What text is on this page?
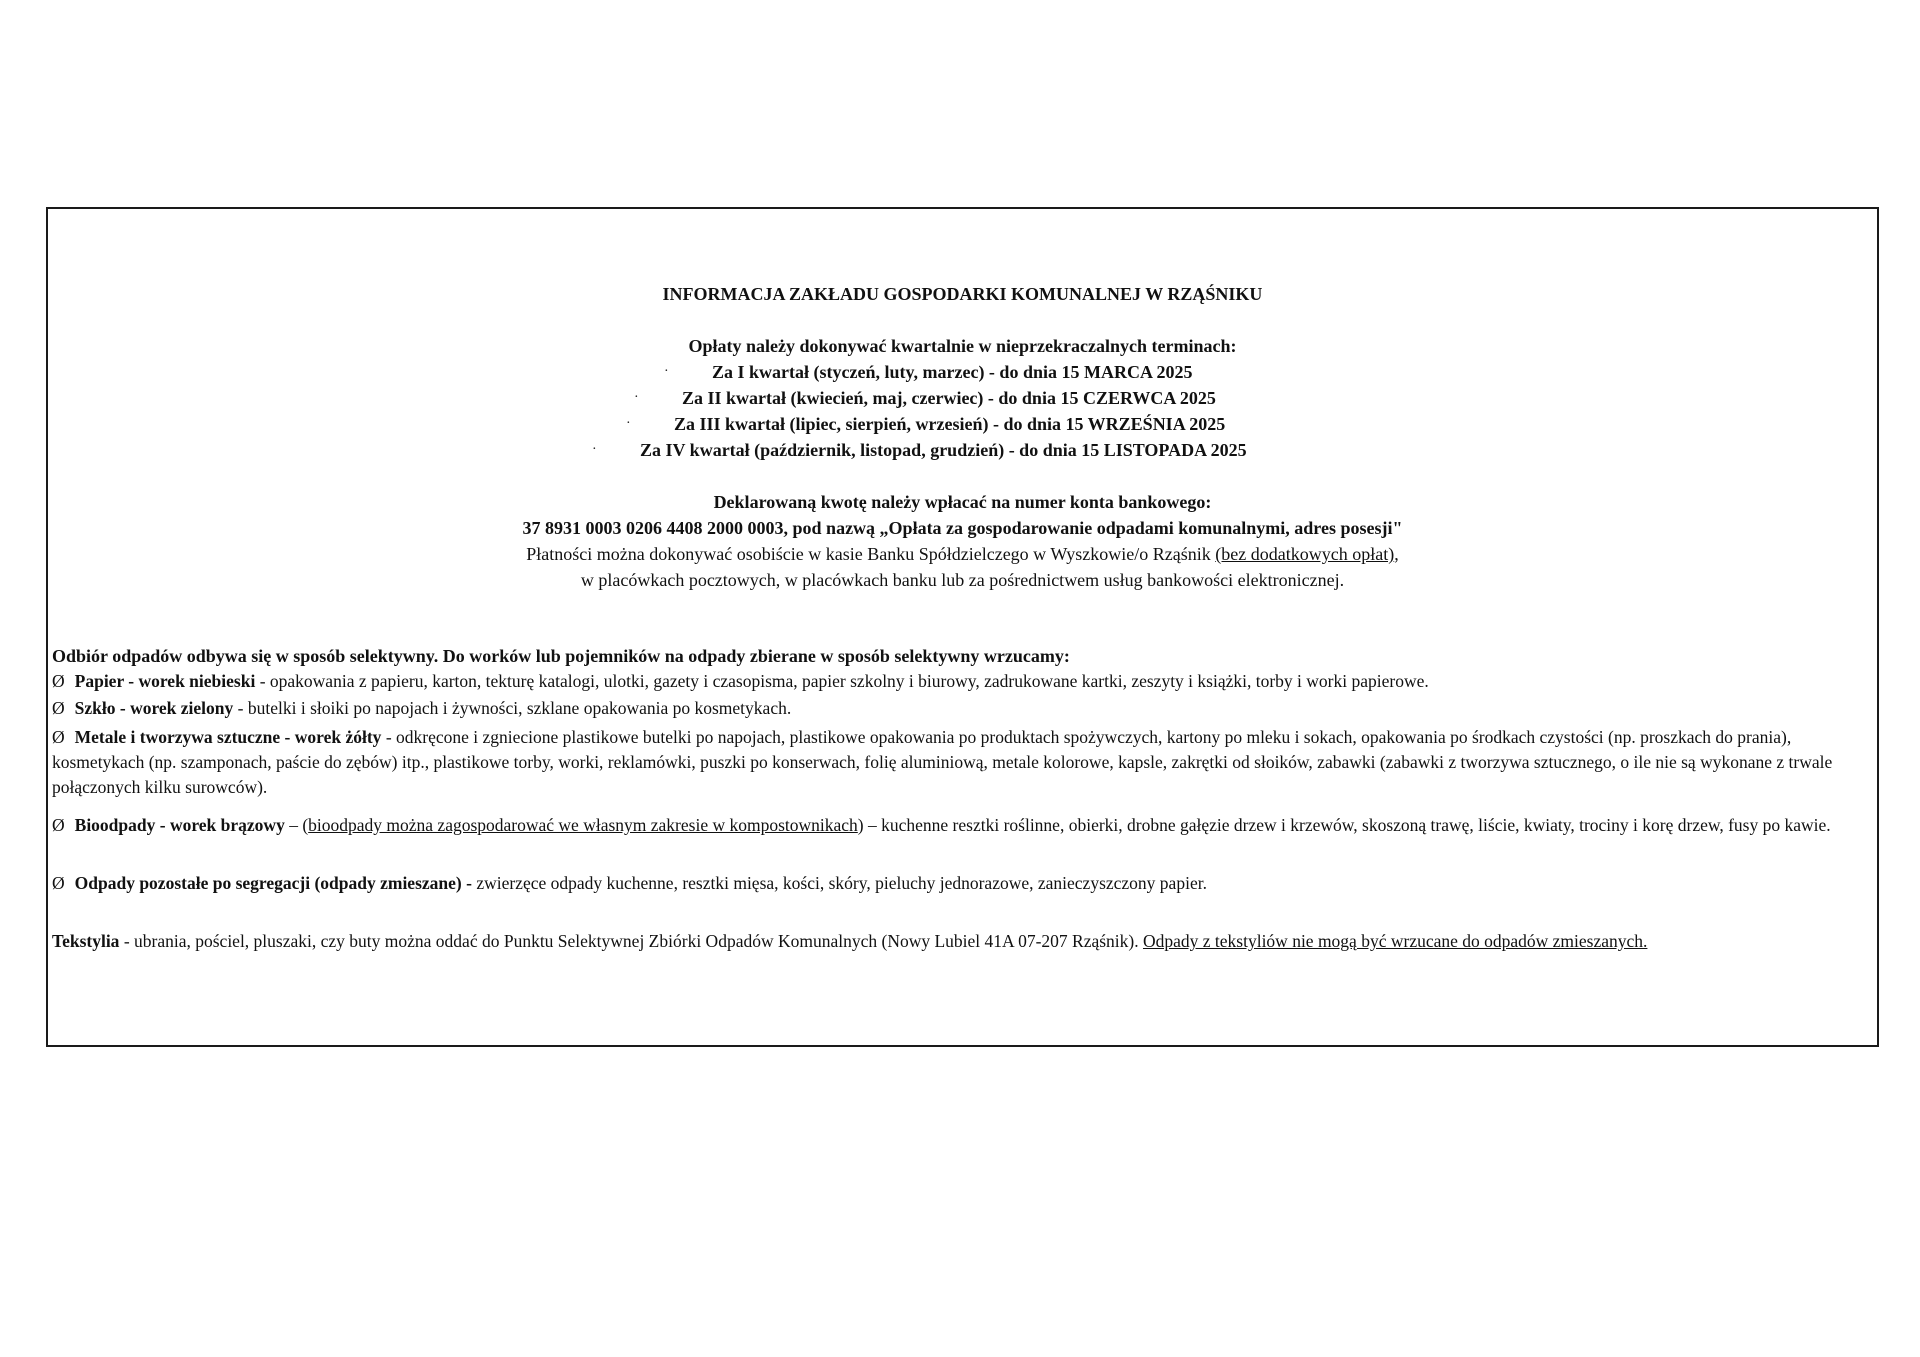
INFORMACJA ZAKŁADU GOSPODARKI KOMUNALNEJ W RZĄŚNIKU
Opłaty należy dokonywać kwartalnie w nieprzekraczalnych terminach:
· Za I kwartał (styczeń, luty, marzec) - do dnia 15 MARCA 2025
· Za II kwartał (kwiecień, maj, czerwiec) - do dnia 15 CZERWCA 2025
· Za III kwartał (lipiec, sierpień, wrzesień) - do dnia 15 WRZEŚNIA 2025
· Za IV kwartał (październik, listopad, grudzień) - do dnia 15 LISTOPADA 2025
Deklarowaną kwotę należy wpłacać na numer konta bankowego:
37 8931 0003 0206 4408 2000 0003, pod nazwą „Opłata za gospodarowanie odpadami komunalnymi, adres posesji"
Płatności można dokonywać osobiście w kasie Banku Spółdzielczego w Wyszkowie/o Rząśnik (bez dodatkowych opłat),
w placówkach pocztowych, w placówkach banku lub za pośrednictwem usług bankowości elektronicznej.
Odbiór odpadów odbywa się w sposób selektywny. Do worków lub pojemników na odpady zbierane w sposób selektywny wrzucamy:
Ø Papier - worek niebieski - opakowania z papieru, karton, tekturę katalogi, ulotki, gazety i czasopisma, papier szkolny i biurowy, zadrukowane kartki, zeszyty i książki, torby i worki papierowe.
Ø Szkło - worek zielony - butelki i słoiki po napojach i żywności, szklane opakowania po kosmetykach.
Ø Metale i tworzywa sztuczne - worek żółty - odkręcone i zgniecione plastikowe butelki po napojach, plastikowe opakowania po produktach spożywczych, kartony po mleku i sokach, opakowania po środkach czystości (np. proszkach do prania), kosmetykach (np. szamponach, paście do zębów) itp., plastikowe torby, worki, reklamówki, puszki po konserwach, folię aluminiową, metale kolorowe, kapsle, zakrętki od słoików, zabawki (zabawki z tworzywa sztucznego, o ile nie są wykonane z trwale połączonych kilku surowców).
Ø Bioodpady - worek brązowy – (bioodpady można zagospodarować we własnym zakresie w kompostownikach) – kuchenne resztki roślinne, obierki, drobne gałęzie drzew i krzewów, skoszoną trawę, liście, kwiaty, trociny i korę drzew, fusy po kawie.
Ø Odpady pozostałe po segregacji (odpady zmieszane) - zwierzęce odpady kuchenne, resztki mięsa, kości, skóry, pieluchy jednorazowe, zanieczyszczony papier.
Tekstylia - ubrania, pościel, pluszaki, czy buty można oddać do Punktu Selektywnej Zbiórki Odpadów Komunalnych (Nowy Lubiel 41A 07-207 Rząśnik). Odpady z tekstyliów nie mogą być wrzucane do odpadów zmieszanych.
